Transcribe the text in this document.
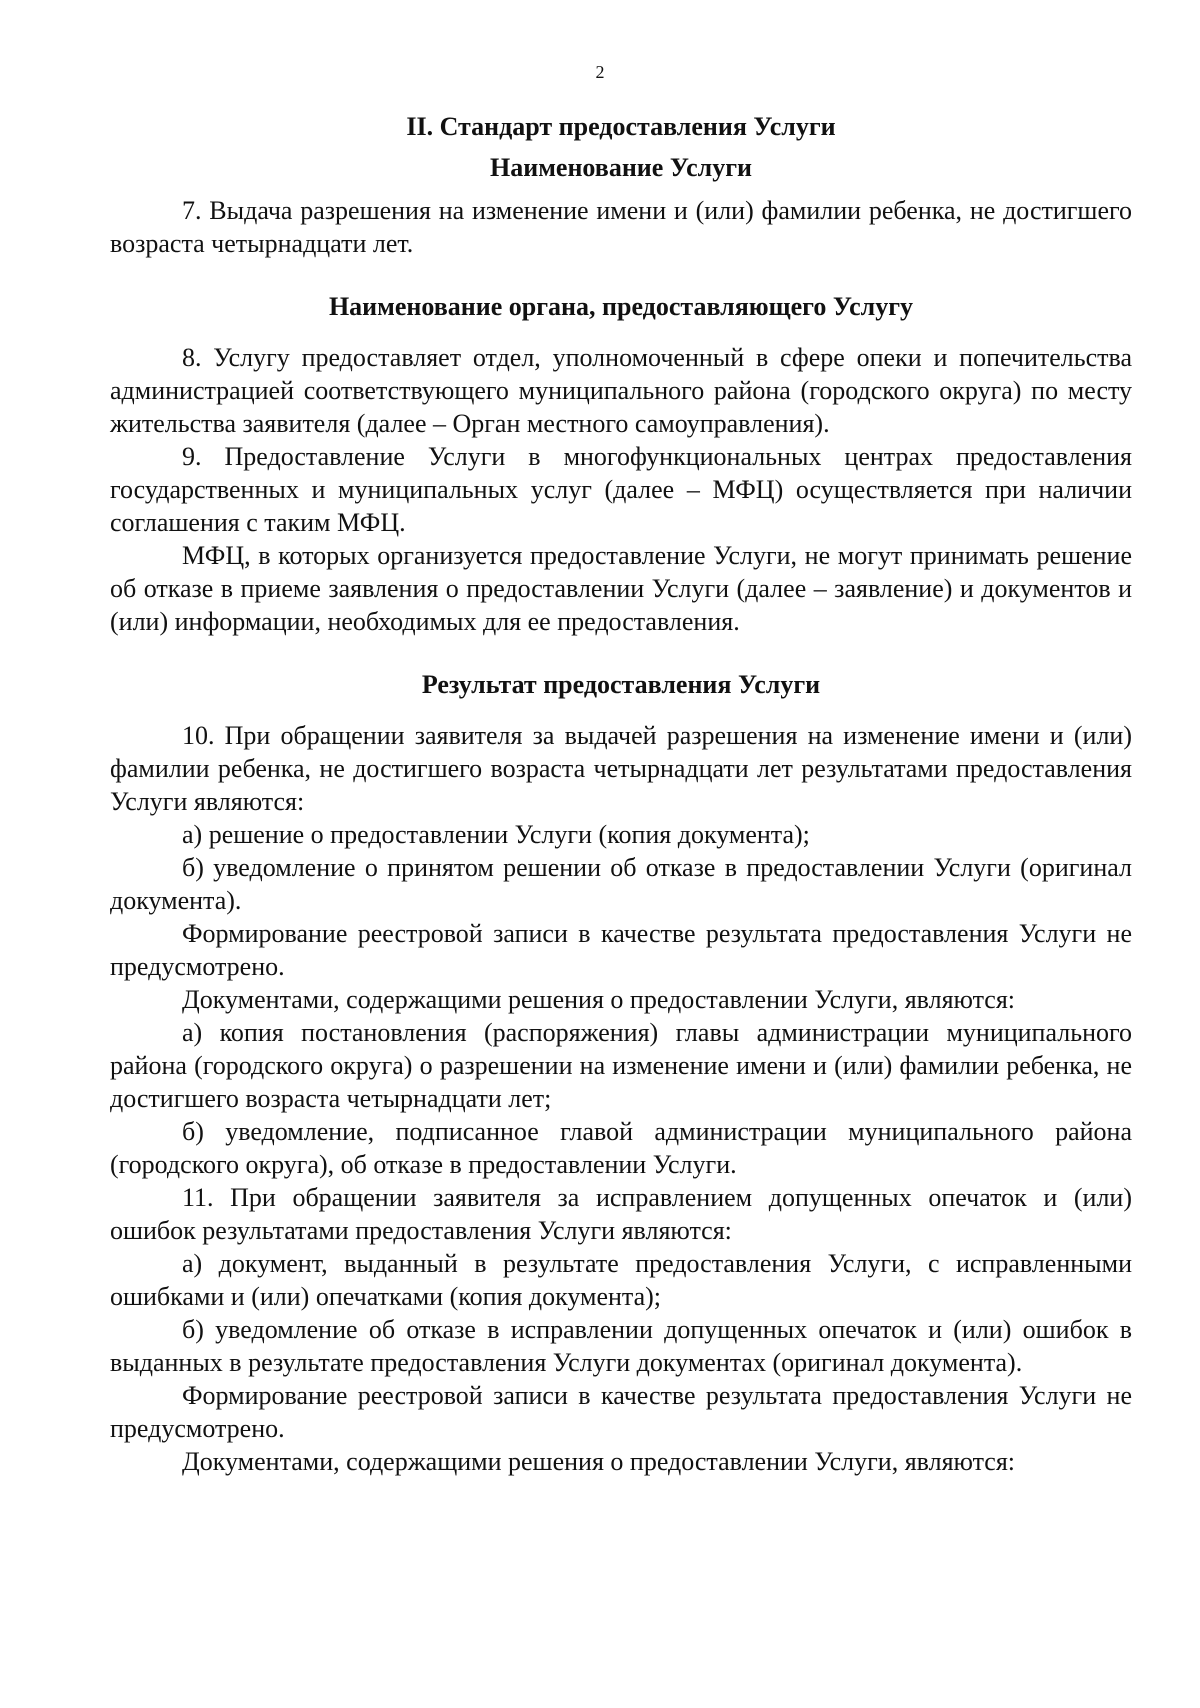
2
II. Стандарт предоставления Услуги
Наименование Услуги

7. Выдача разрешения на изменение имени и (или) фамилии ребенка, не достигшего возраста четырнадцати лет.

Наименование органа, предоставляющего Услугу

8. Услугу предоставляет отдел, уполномоченный в сфере опеки и попечительства администрацией соответствующего муниципального района (городского округа) по месту жительства заявителя (далее – Орган местного самоуправления).

9. Предоставление Услуги в многофункциональных центрах предоставления государственных и муниципальных услуг (далее – МФЦ) осуществляется при наличии соглашения с таким МФЦ.

МФЦ, в которых организуется предоставление Услуги, не могут принимать решение об отказе в приеме заявления о предоставлении Услуги (далее – заявление) и документов и (или) информации, необходимых для ее предоставления.

Результат предоставления Услуги

10. При обращении заявителя за выдачей разрешения на изменение имени и (или) фамилии ребенка, не достигшего возраста четырнадцати лет результатами предоставления Услуги являются:

а) решение о предоставлении Услуги (копия документа);

б) уведомление о принятом решении об отказе в предоставлении Услуги (оригинал документа).

Формирование реестровой записи в качестве результата предоставления Услуги не предусмотрено.

Документами, содержащими решения о предоставлении Услуги, являются:

а) копия постановления (распоряжения) главы администрации муниципального района (городского округа) о разрешении на изменение имени и (или) фамилии ребенка, не достигшего возраста четырнадцати лет;

б) уведомление, подписанное главой администрации муниципального района (городского округа), об отказе в предоставлении Услуги.

11. При обращении заявителя за исправлением допущенных опечаток и (или) ошибок результатами предоставления Услуги являются:

а) документ, выданный в результате предоставления Услуги, с исправленными ошибками и (или) опечатками (копия документа);

б) уведомление об отказе в исправлении допущенных опечаток и (или) ошибок в выданных в результате предоставления Услуги документах (оригинал документа).

Формирование реестровой записи в качестве результата предоставления Услуги не предусмотрено.

Документами, содержащими решения о предоставлении Услуги, являются:
